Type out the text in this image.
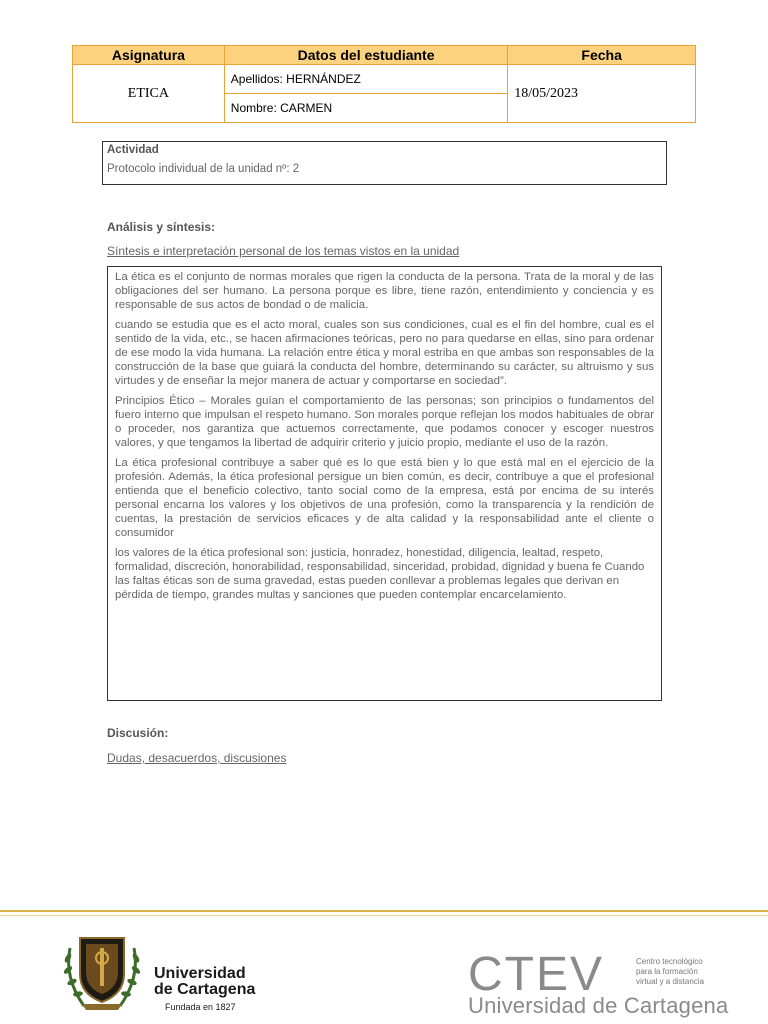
Asignatura	Datos del estudiante	Fecha
ETICA	Apellidos: HERNÁNDEZ	18/05/2023
	Nombre: CARMEN	
Actividad
Protocolo individual de la unidad nº: 2
Análisis y síntesis:
Síntesis e interpretación personal de los temas vistos en la unidad

La ética es el conjunto de normas morales que rigen la conducta de la persona. Trata de la moral y de las obligaciones del ser humano. La persona porque es libre, tiene razón, entendimiento y conciencia y es responsable de sus actos de bondad o de malicia.

cuando se estudia que es el acto moral, cuales son sus condiciones, cual es el fin del hombre, cual es el sentido de la vida, etc., se hacen afirmaciones teóricas, pero no para quedarse en ellas, sino para ordenar de ese modo la vida humana. La relación entre ética y moral estriba en que ambas son responsables de la construcción de la base que guiará la conducta del hombre, determinando su carácter, su altruismo y sus virtudes y de enseñar la mejor manera de actuar y comportarse en sociedad”.

Principios Ético – Morales guían el comportamiento de las personas; son principios o fundamentos del fuero interno que impulsan el respeto humano. Son morales porque reflejan los modos habituales de obrar o proceder, nos garantiza que actuemos correctamente, que podamos conocer y escoger nuestros valores, y que tengamos la libertad de adquirir criterio y juicio propio, mediante el uso de la razón.

La ética profesional contribuye a saber qué es lo que está bien y lo que está mal en el ejercicio de la profesión. Además, la ética profesional persigue un bien común, es decir, contribuye a que el profesional entienda que el beneficio colectivo, tanto social como de la empresa, está por encima de su interés personal encarna los valores y los objetivos de una profesión, como la transparencia y la rendición de cuentas, la prestación de servicios eficaces y de alta calidad y la responsabilidad ante el cliente o consumidor

los valores de la ética profesional son: justicia, honradez, honestidad, diligencia, lealtad, respeto, formalidad, discreción, honorabilidad, responsabilidad, sinceridad, probidad, dignidad y buena fe Cuando las faltas éticas son de suma gravedad, estas pueden conllevar a problemas legales que derivan en pérdida de tiempo, grandes multas y sanciones que pueden contemplar encarcelamiento.

Discusión:
Dudas, desacuerdos, discusiones
Universidad
de Cartagena
Fundada en 1827
CTEV	Centro tecnológico
para la formación
virtual y a distancia
Universidad de Cartagena
